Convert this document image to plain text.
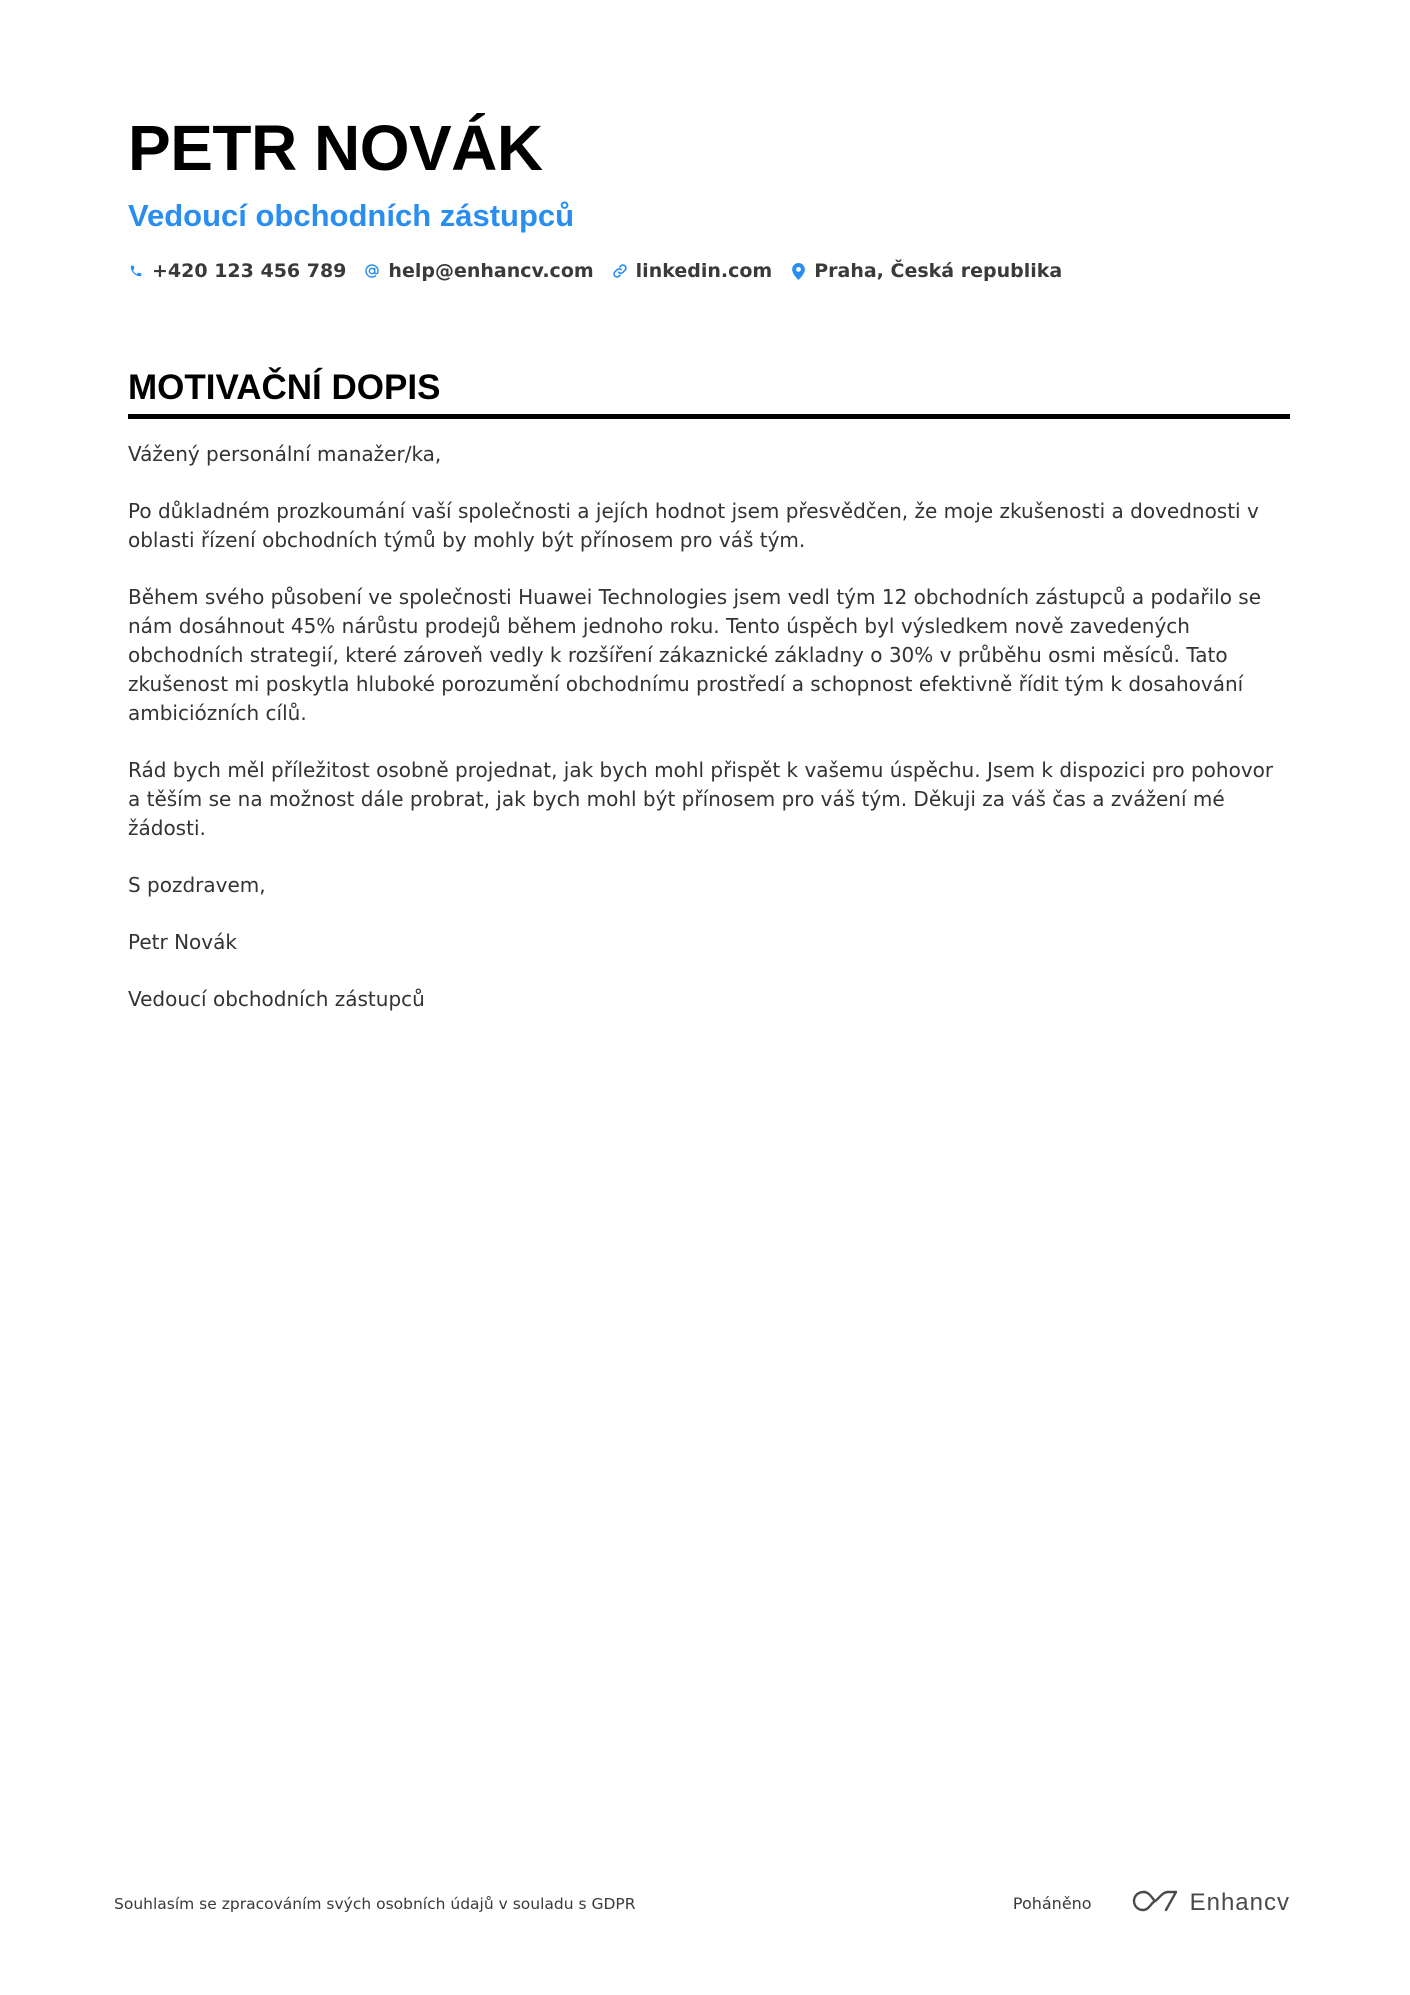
PETR NOVÁK
Vedoucí obchodních zástupců
+420 123 456 789 help@enhancv.com linkedin.com Praha, Česká republika
MOTIVAČNÍ DOPIS

Vážený personální manažer/ka,

Po důkladném prozkoumání vaší společnosti a jejích hodnot jsem přesvědčen, že moje zkušenosti a dovednosti v oblasti řízení obchodních týmů by mohly být přínosem pro váš tým.

Během svého působení ve společnosti Huawei Technologies jsem vedl tým 12 obchodních zástupců a podařilo se nám dosáhnout 45% nárůstu prodejů během jednoho roku. Tento úspěch byl výsledkem nově zavedených obchodních strategií, které zároveň vedly k rozšíření zákaznické základny o 30% v průběhu osmi měsíců. Tato zkušenost mi poskytla hluboké porozumění obchodnímu prostředí a schopnost efektivně řídit tým k dosahování ambiciózních cílů.

Rád bych měl příležitost osobně projednat, jak bych mohl přispět k vašemu úspěchu. Jsem k dispozici pro pohovor a těším se na možnost dále probrat, jak bych mohl být přínosem pro váš tým. Děkuji za váš čas a zvážení mé žádosti.

S pozdravem,

Petr Novák

Vedoucí obchodních zástupců

Souhlasím se zpracováním svých osobních údajů v souladu s GDPR	Poháněno	Enhancv
